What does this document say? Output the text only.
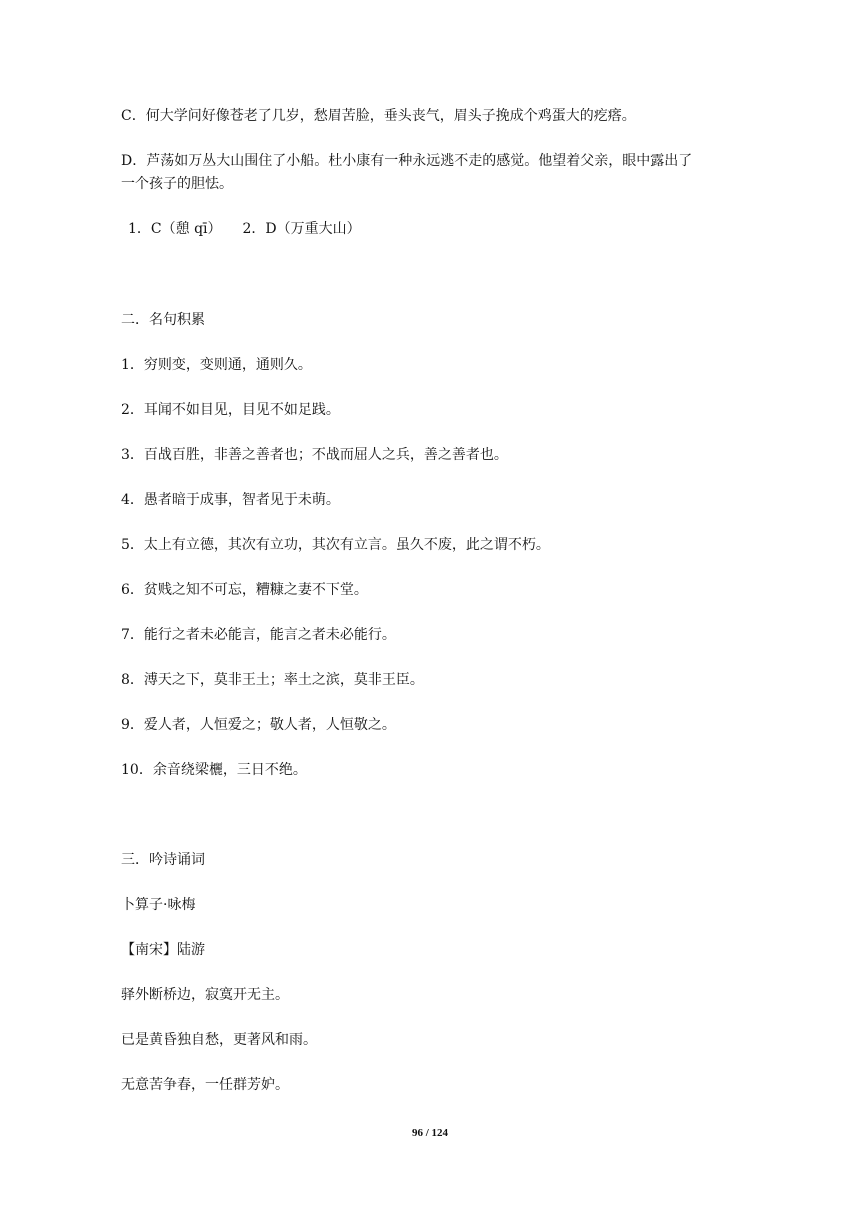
C．何大学问好像苍老了几岁，愁眉苦脸，垂头丧气，眉头子挽成个鸡蛋大的疙瘩。

D．芦荡如万丛大山围住了小船。杜小康有一种永远逃不走的感觉。他望着父亲，眼中露出了

一个孩子的胆怯。

1．C（憩 qī）　　2．D（万重大山）

二．名句积累

1．穷则变，变则通，通则久。

2．耳闻不如目见，目见不如足践。

3．百战百胜，非善之善者也；不战而屈人之兵，善之善者也。

4．愚者暗于成事，智者见于未萌。

5．太上有立德，其次有立功，其次有立言。虽久不废，此之谓不朽。

6．贫贱之知不可忘，糟糠之妻不下堂。

7．能行之者未必能言，能言之者未必能行。

8．溥天之下，莫非王土；率土之滨，莫非王臣。

9．爱人者，人恒爱之；敬人者，人恒敬之。

10．余音绕梁欐，三日不绝。

三．吟诗诵词

卜算子·咏梅

【南宋】陆游

驿外断桥边，寂寞开无主。

已是黄昏独自愁，更著风和雨。

无意苦争春，一任群芳妒。

96 / 124
